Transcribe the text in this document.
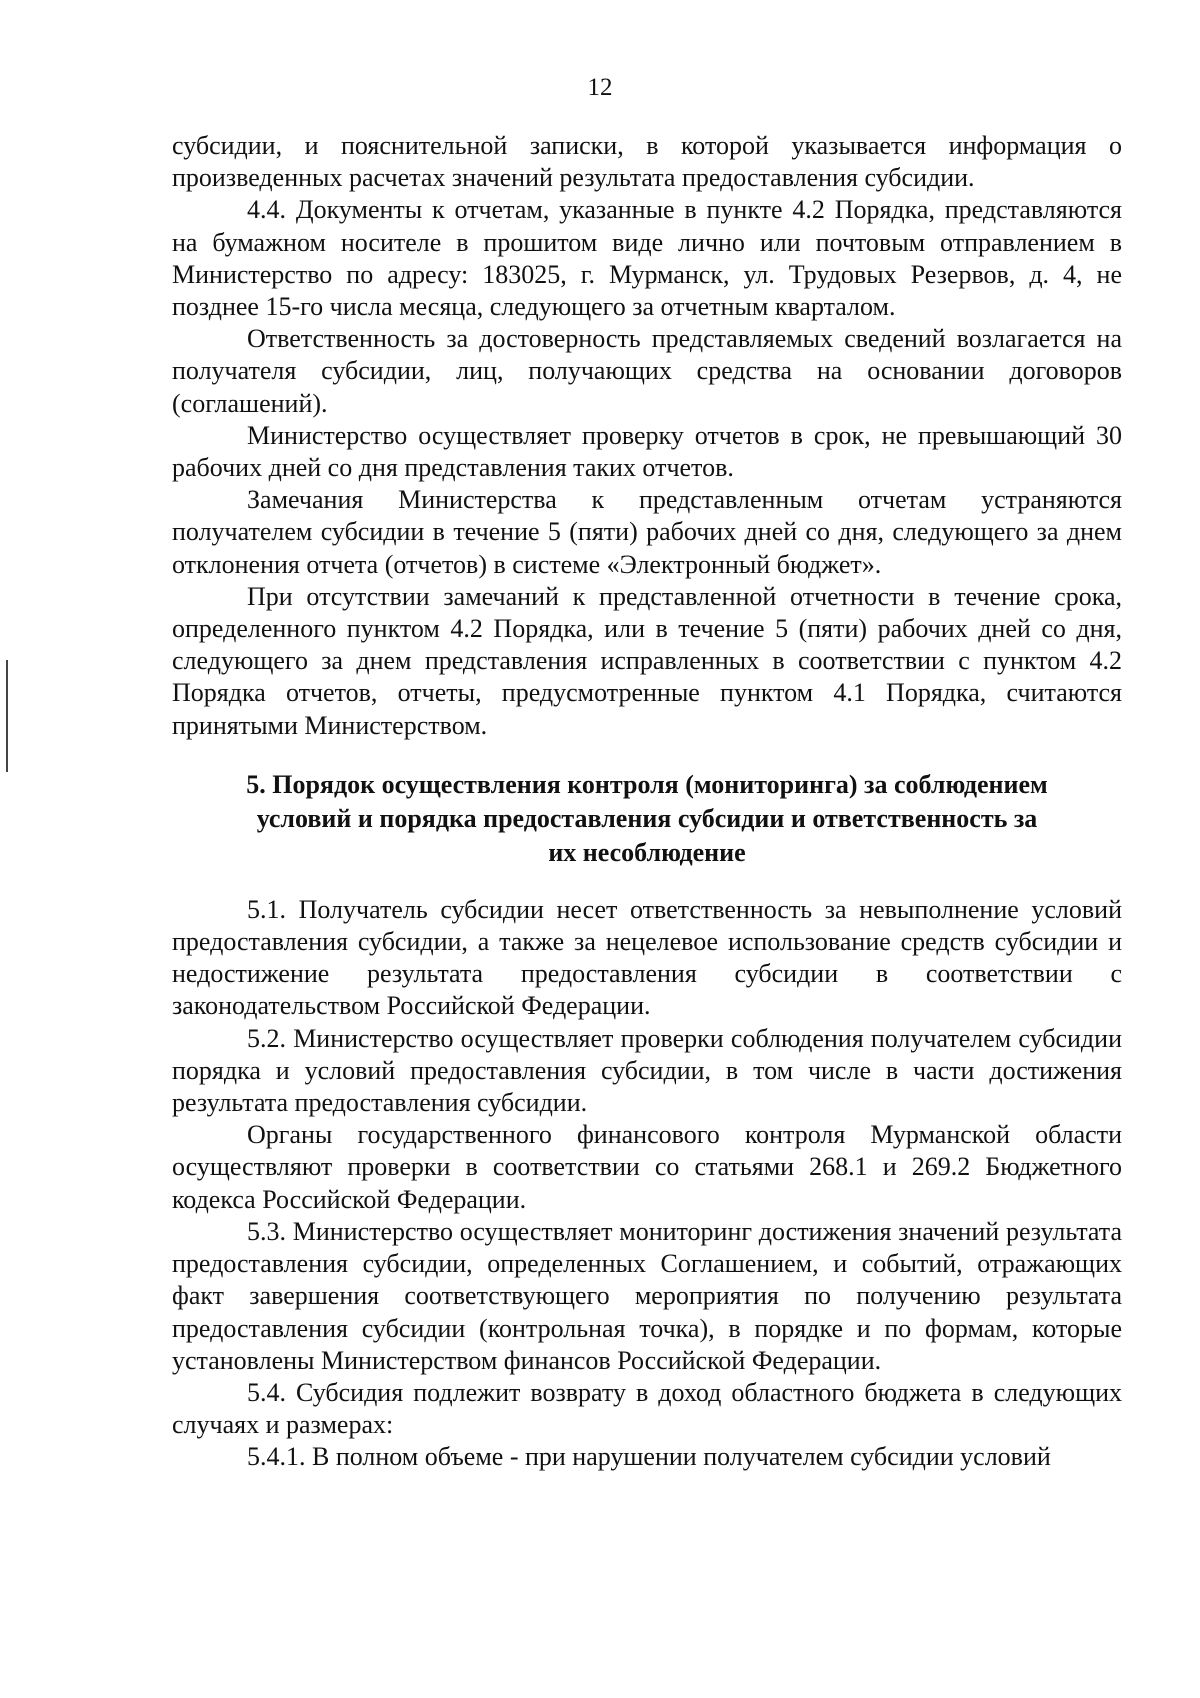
12

субсидии, и пояснительной записки, в которой указывается информация о произведенных расчетах значений результата предоставления субсидии.

4.4. Документы к отчетам, указанные в пункте 4.2 Порядка, представляются на бумажном носителе в прошитом виде лично или почтовым отправлением в Министерство по адресу: 183025, г. Мурманск, ул. Трудовых Резервов, д. 4, не позднее 15-го числа месяца, следующего за отчетным кварталом.

Ответственность за достоверность представляемых сведений возлагается на получателя субсидии, лиц, получающих средства на основании договоров (соглашений).

Министерство осуществляет проверку отчетов в срок, не превышающий 30 рабочих дней со дня представления таких отчетов.

Замечания Министерства к представленным отчетам устраняются получателем субсидии в течение 5 (пяти) рабочих дней со дня, следующего за днем отклонения отчета (отчетов) в системе «Электронный бюджет».

При отсутствии замечаний к представленной отчетности в течение срока, определенного пунктом 4.2 Порядка, или в течение 5 (пяти) рабочих дней со дня, следующего за днем представления исправленных в соответствии с пунктом 4.2 Порядка отчетов, отчеты, предусмотренные пунктом 4.1 Порядка, считаются принятыми Министерством.

5. Порядок осуществления контроля (мониторинга) за соблюдением условий и порядка предоставления субсидии и ответственность за их несоблюдение

5.1. Получатель субсидии несет ответственность за невыполнение условий предоставления субсидии, а также за нецелевое использование средств субсидии и недостижение результата предоставления субсидии в соответствии с законодательством Российской Федерации.

5.2. Министерство осуществляет проверки соблюдения получателем субсидии порядка и условий предоставления субсидии, в том числе в части достижения результата предоставления субсидии.

Органы государственного финансового контроля Мурманской области осуществляют проверки в соответствии со статьями 268.1 и 269.2 Бюджетного кодекса Российской Федерации.

5.3. Министерство осуществляет мониторинг достижения значений результата предоставления субсидии, определенных Соглашением, и событий, отражающих факт завершения соответствующего мероприятия по получению результата предоставления субсидии (контрольная точка), в порядке и по формам, которые установлены Министерством финансов Российской Федерации.

5.4. Субсидия подлежит возврату в доход областного бюджета в следующих случаях и размерах:

5.4.1. В полном объеме - при нарушении получателем субсидии условий
